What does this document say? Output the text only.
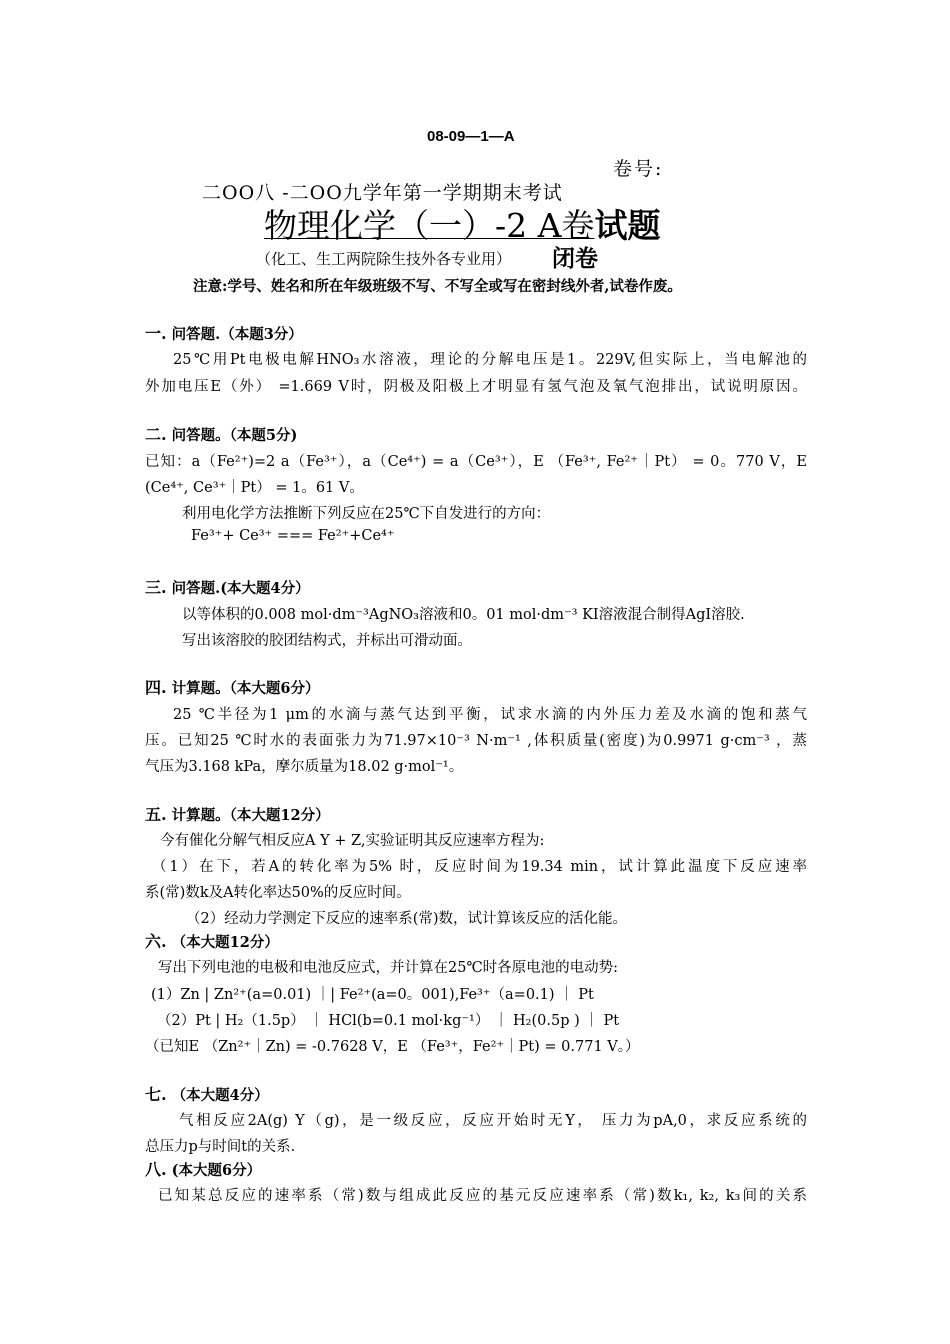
08-09—1—A
卷号:
二OO八 -二OO九学年第一学期期末考试
物理化学（一）-2 A卷试题
（化工、生工两院除生技外各专业用） 闭卷
注意:学号、姓名和所在年级班级不写、不写全或写在密封线外者,试卷作废。
一. 问答题.（本题3分）
25℃用Pt电极电解HNO₃水溶液，理论的分解电压是1。229V,但实际上，当电解池的
外加电压E（外） =1.669 V时，阴极及阳极上才明显有氢气泡及氧气泡排出，试说明原因。
二. 问答题。（本题5分)
已知：a（Fe²⁺)=2 a（Fe³⁺），a（Ce⁴⁺) = a（Ce³⁺），E （Fe³⁺, Fe²⁺｜Pt） = 0。770 V，E
(Ce⁴⁺, Ce³⁺｜Pt） = 1。61 V。
利用电化学方法推断下列反应在25℃下自发进行的方向：
Fe³⁺+ Ce³⁺ === Fe²⁺+Ce⁴⁺
三. 问答题.(本大题4分）
以等体积的0.008 mol·dm⁻³AgNO₃溶液和0。01 mol·dm⁻³ KI溶液混合制得AgI溶胶.
写出该溶胶的胶团结构式，并标出可滑动面。
四. 计算题。（本大题6分）
25 ℃半径为1 μm的水滴与蒸气达到平衡，试求水滴的内外压力差及水滴的饱和蒸气
压。已知25 ℃时水的表面张力为71.97×10⁻³ N·m⁻¹ ,体积质量(密度)为0.9971 g·cm⁻³ ，蒸
气压为3.168 kPa，摩尔质量为18.02 g·mol⁻¹。
五. 计算题。（本大题12分）
今有催化分解气相反应A Y + Z,实验证明其反应速率方程为:
（1）在下，若A的转化率为5% 时，反应时间为19.34 min，试计算此温度下反应速率
系(常)数k及A转化率达50%的反应时间。
（2）经动力学测定下反应的速率系(常)数，试计算该反应的活化能。
六. （本大题12分）
写出下列电池的电极和电池反应式，并计算在25℃时各原电池的电动势:
(1）Zn | Zn²⁺(a=0.01) ｜| Fe²⁺(a=0。001),Fe³⁺（a=0.1) ｜ Pt
（2）Pt | H₂（1.5p） ｜ HCl(b=0.1 mol·kg⁻¹） ｜ H₂(0.5p ) ｜ Pt
（已知E （Zn²⁺｜Zn) = -0.7628 V，E （Fe³⁺，Fe²⁺｜Pt) = 0.771 V。）
七. （本大题4分）
气相反应2A(g) Y（g)，是一级反应，反应开始时无Y， 压力为pA,0，求反应系统的
总压力p与时间t的关系.
八. (本大题6分）
已知某总反应的速率系（常)数与组成此反应的基元反应速率系（常)数k₁, k₂, k₃间的关系
